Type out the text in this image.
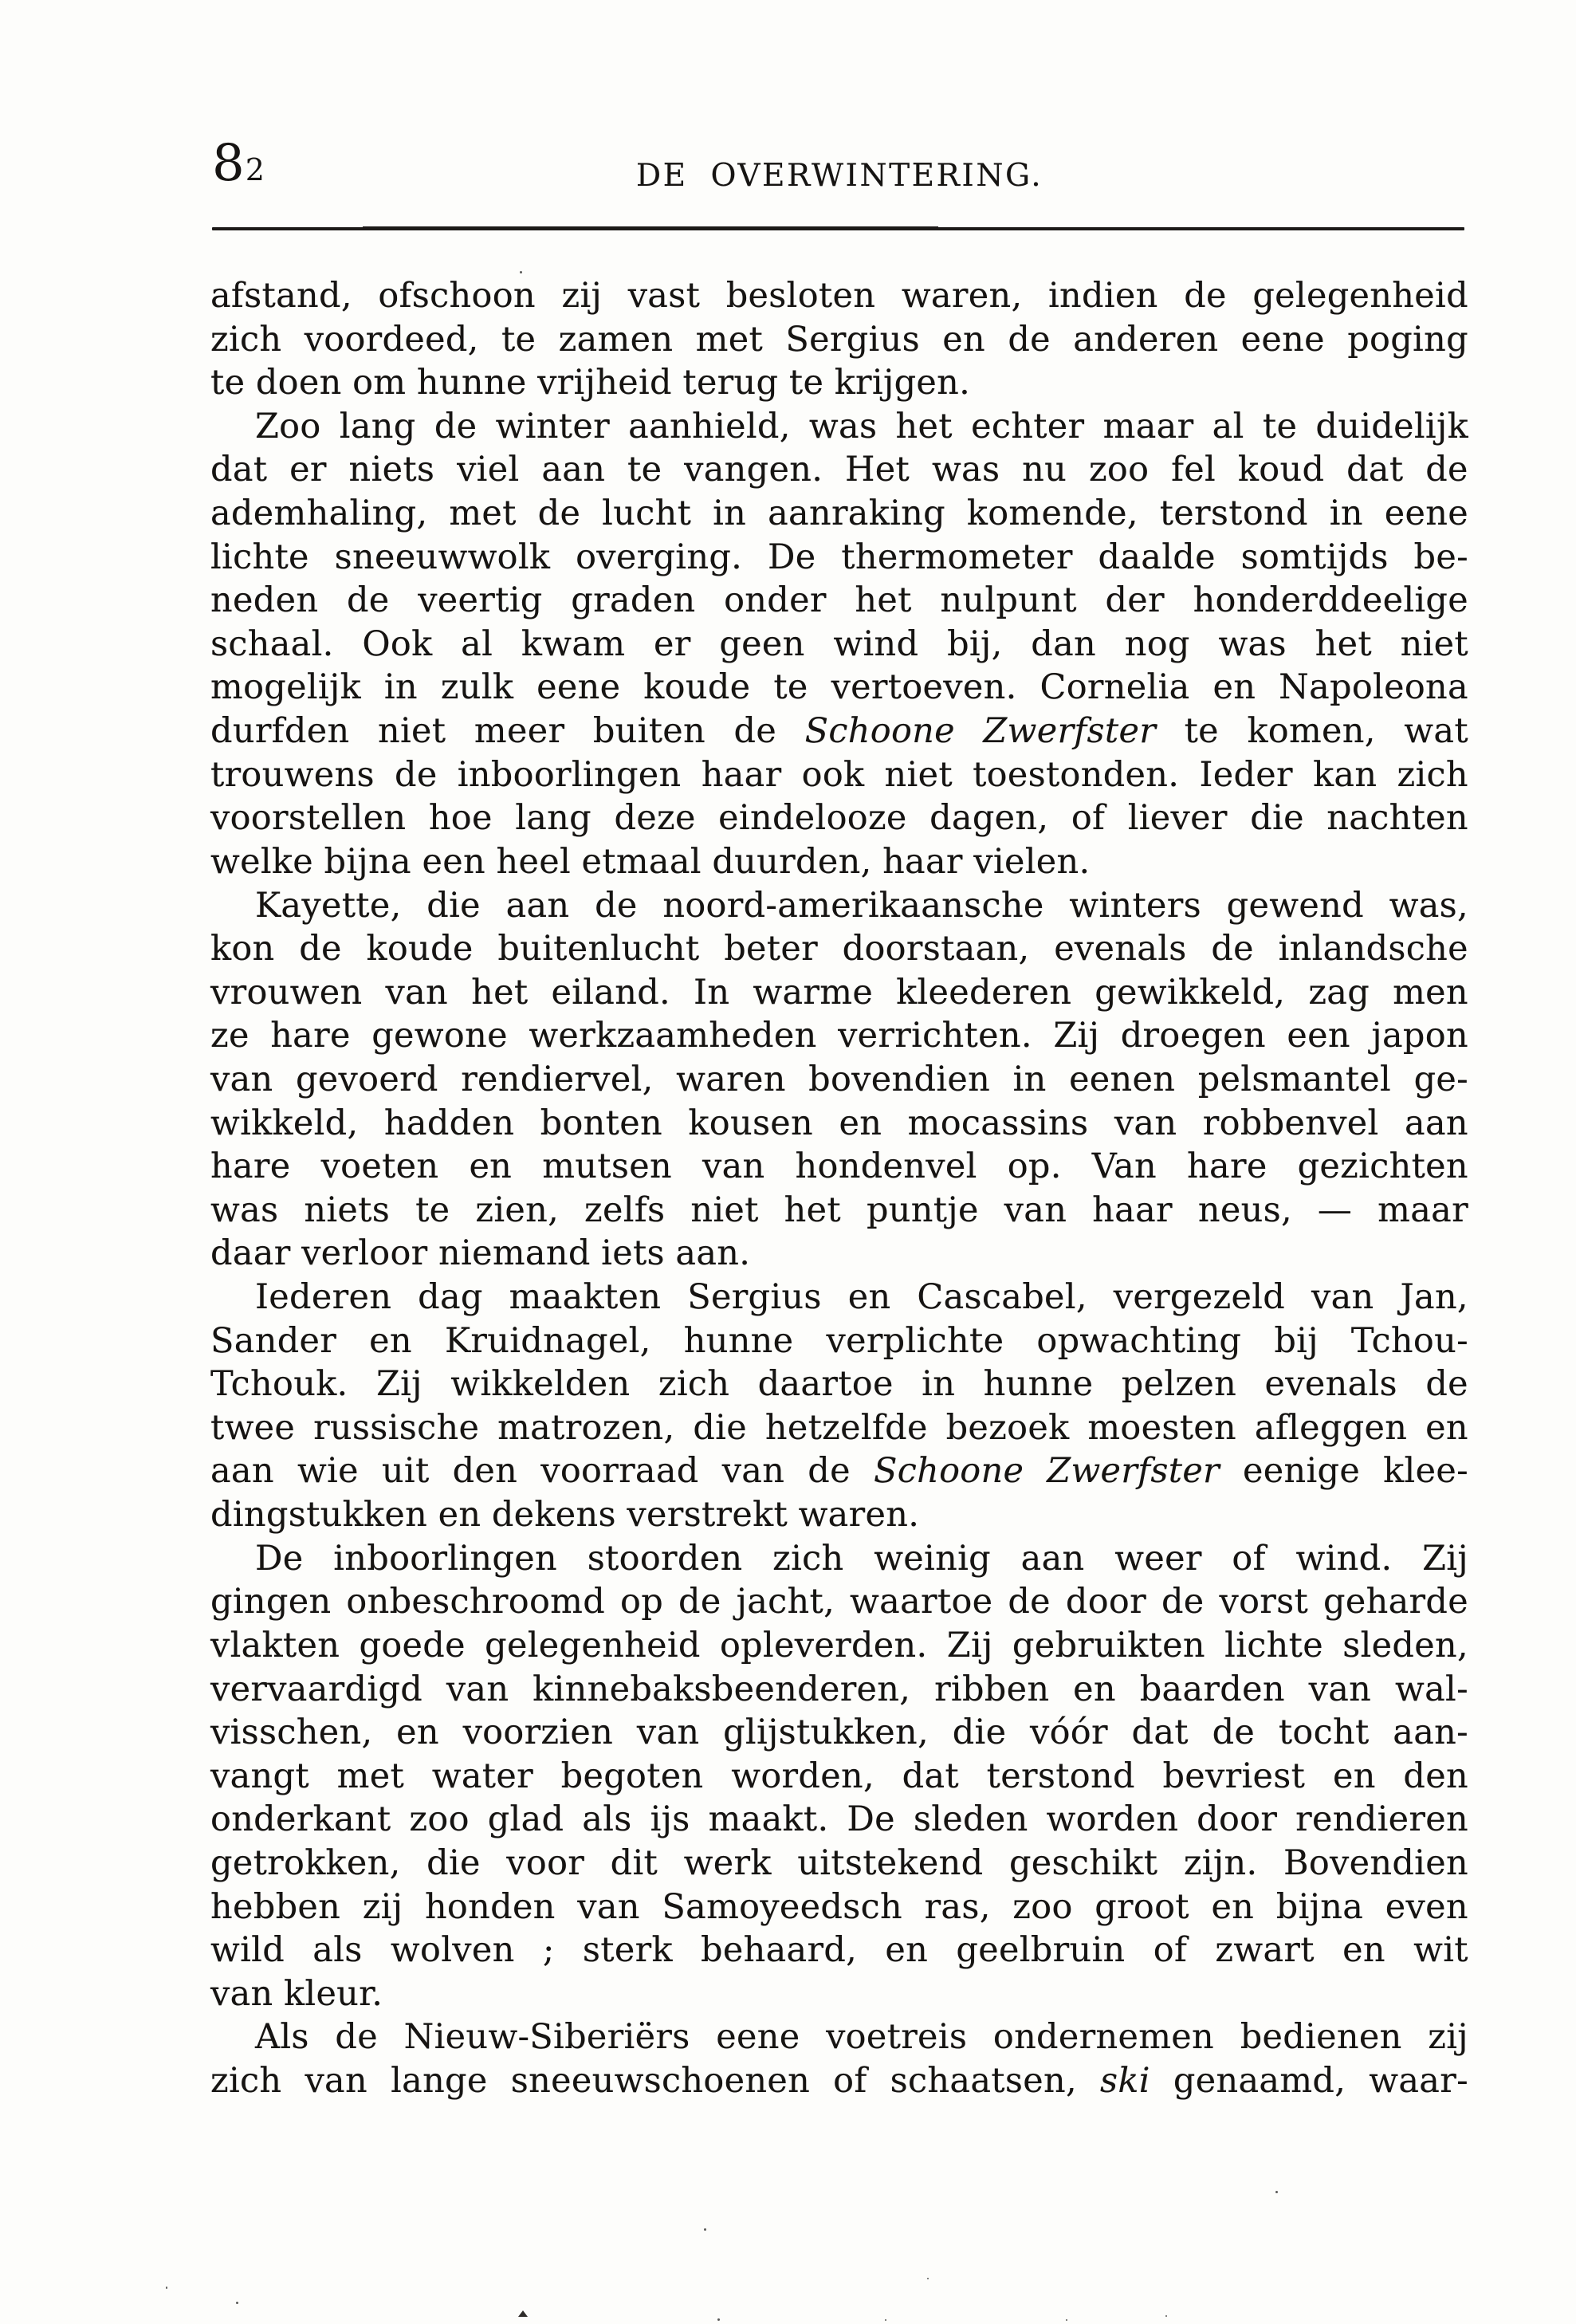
82	DE OVERWINTERING.
afstand, ofschoon zij vast besloten waren, indien de gelegenheid
zich voordeed, te zamen met Sergius en de anderen eene poging
te doen om hunne vrijheid terug te krijgen.
Zoo lang de winter aanhield, was het echter maar al te duidelijk
dat er niets viel aan te vangen. Het was nu zoo fel koud dat de
ademhaling, met de lucht in aanraking komende, terstond in eene
lichte sneeuwwolk overging. De thermometer daalde somtijds be-
neden de veertig graden onder het nulpunt der honderddeelige
schaal. Ook al kwam er geen wind bij, dan nog was het niet
mogelijk in zulk eene koude te vertoeven. Cornelia en Napoleona
durfden niet meer buiten de Schoone Zwerfster te komen, wat
trouwens de inboorlingen haar ook niet toestonden. Ieder kan zich
voorstellen hoe lang deze eindelooze dagen, of liever die nachten
welke bijna een heel etmaal duurden, haar vielen.
Kayette, die aan de noord-amerikaansche winters gewend was,
kon de koude buitenlucht beter doorstaan, evenals de inlandsche
vrouwen van het eiland. In warme kleederen gewikkeld, zag men
ze hare gewone werkzaamheden verrichten. Zij droegen een japon
van gevoerd rendiervel, waren bovendien in eenen pelsmantel ge-
wikkeld, hadden bonten kousen en mocassins van robbenvel aan
hare voeten en mutsen van hondenvel op. Van hare gezichten
was niets te zien, zelfs niet het puntje van haar neus, — maar
daar verloor niemand iets aan.
Iederen dag maakten Sergius en Cascabel, vergezeld van Jan,
Sander en Kruidnagel, hunne verplichte opwachting bij Tchou-
Tchouk. Zij wikkelden zich daartoe in hunne pelzen evenals de
twee russische matrozen, die hetzelfde bezoek moesten afleggen en
aan wie uit den voorraad van de Schoone Zwerfster eenige klee-
dingstukken en dekens verstrekt waren.
De inboorlingen stoorden zich weinig aan weer of wind. Zij
gingen onbeschroomd op de jacht, waartoe de door de vorst geharde
vlakten goede gelegenheid opleverden. Zij gebruikten lichte sleden,
vervaardigd van kinnebaksbeenderen, ribben en baarden van wal-
visschen, en voorzien van glijstukken, die vóór dat de tocht aan-
vangt met water begoten worden, dat terstond bevriest en den
onderkant zoo glad als ijs maakt. De sleden worden door rendieren
getrokken, die voor dit werk uitstekend geschikt zijn. Bovendien
hebben zij honden van Samoyeedsch ras, zoo groot en bijna even
wild als wolven ; sterk behaard, en geelbruin of zwart en wit
van kleur.
Als de Nieuw-Siberiërs eene voetreis ondernemen bedienen zij
zich van lange sneeuwschoenen of schaatsen, ski genaamd, waar-
